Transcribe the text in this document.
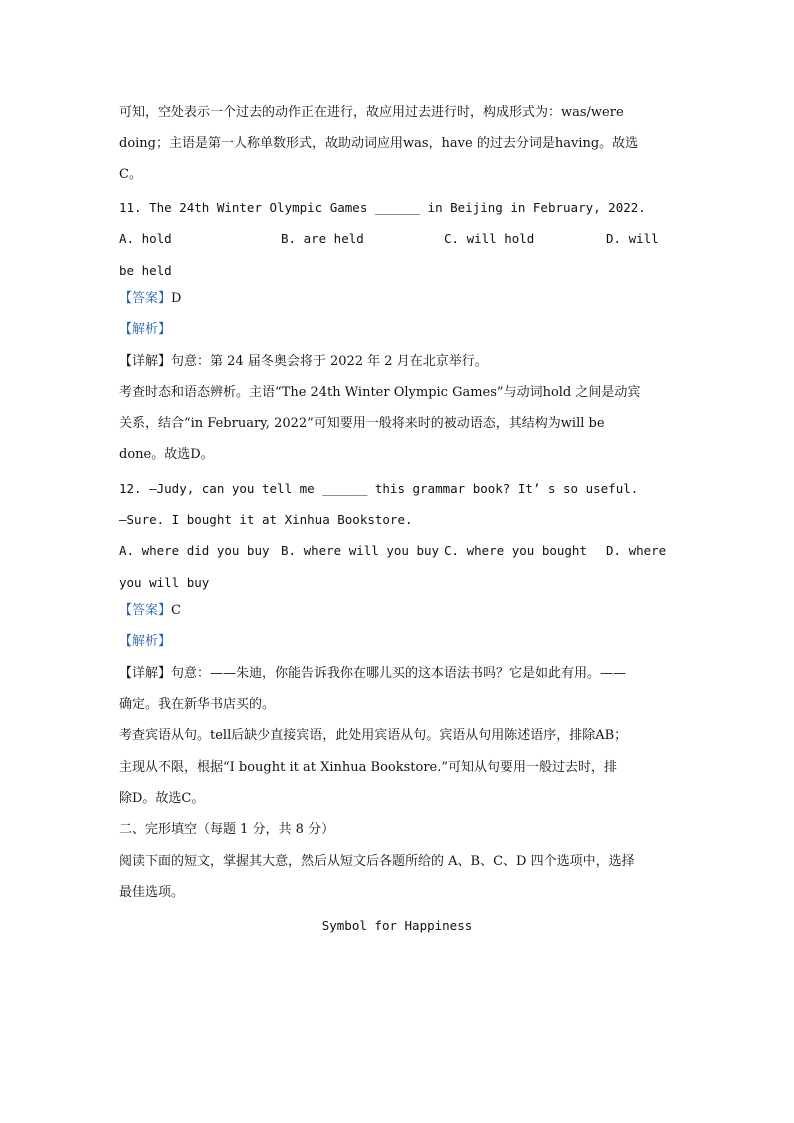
可知，空处表示一个过去的动作正在进行，故应用过去进行时，构成形式为：was/were
doing；主语是第一人称单数形式，故助动词应用was，have 的过去分词是having。故选
C。
11. The 24th Winter Olympic Games ______ in Beijing in February, 2022.
A. hold	B. are held	C. will hold	D. will
be held
【答案】D
【解析】
【详解】句意：第 24 届冬奥会将于 2022 年 2 月在北京举行。
考查时态和语态辨析。主语“The 24th Winter Olympic Games”与动词hold 之间是动宾
关系，结合“in February, 2022”可知要用一般将来时的被动语态，其结构为will be
done。故选D。
12. —Judy, can you tell me ______ this grammar book? It’ s so useful.
—Sure. I bought it at Xinhua Bookstore.
A. where did you buy B. where will you buy C. where you bought D. where
you will buy
【答案】C
【解析】
【详解】句意：——朱迪，你能告诉我你在哪儿买的这本语法书吗？它是如此有用。——
确定。我在新华书店买的。
考查宾语从句。tell后缺少直接宾语，此处用宾语从句。宾语从句用陈述语序，排除AB；
主现从不限，根据“I bought it at Xinhua Bookstore.”可知从句要用一般过去时，排
除D。故选C。
二、完形填空（每题 1 分，共 8 分）
阅读下面的短文，掌握其大意，然后从短文后各题所给的 A、B、C、D 四个选项中，选择
最佳选项。
Symbol for Happiness
